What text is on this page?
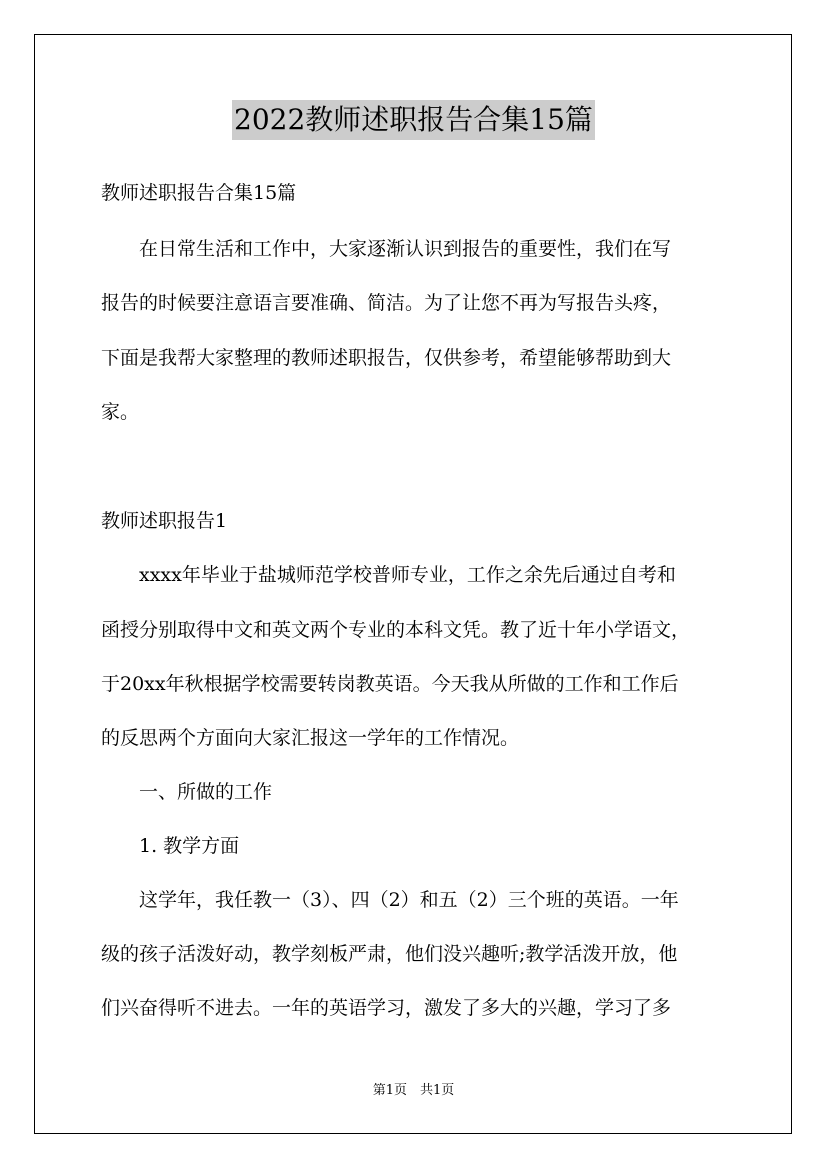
2022教师述职报告合集15篇
教师述职报告合集15篇
　　在日常生活和工作中，大家逐渐认识到报告的重要性，我们在写
报告的时候要注意语言要准确、简洁。为了让您不再为写报告头疼，
下面是我帮大家整理的教师述职报告，仅供参考，希望能够帮助到大
家。
教师述职报告1
　　xxxx年毕业于盐城师范学校普师专业，工作之余先后通过自考和
函授分别取得中文和英文两个专业的本科文凭。教了近十年小学语文，
于20xx年秋根据学校需要转岗教英语。今天我从所做的工作和工作后
的反思两个方面向大家汇报这一学年的工作情况。
　　一、所做的工作
　　1. 教学方面
　　这学年，我任教一（3）、四（2）和五（2）三个班的英语。一年
级的孩子活泼好动，教学刻板严肃，他们没兴趣听;教学活泼开放，他
们兴奋得听不进去。一年的英语学习，激发了多大的兴趣，学习了多
第1页　共1页
